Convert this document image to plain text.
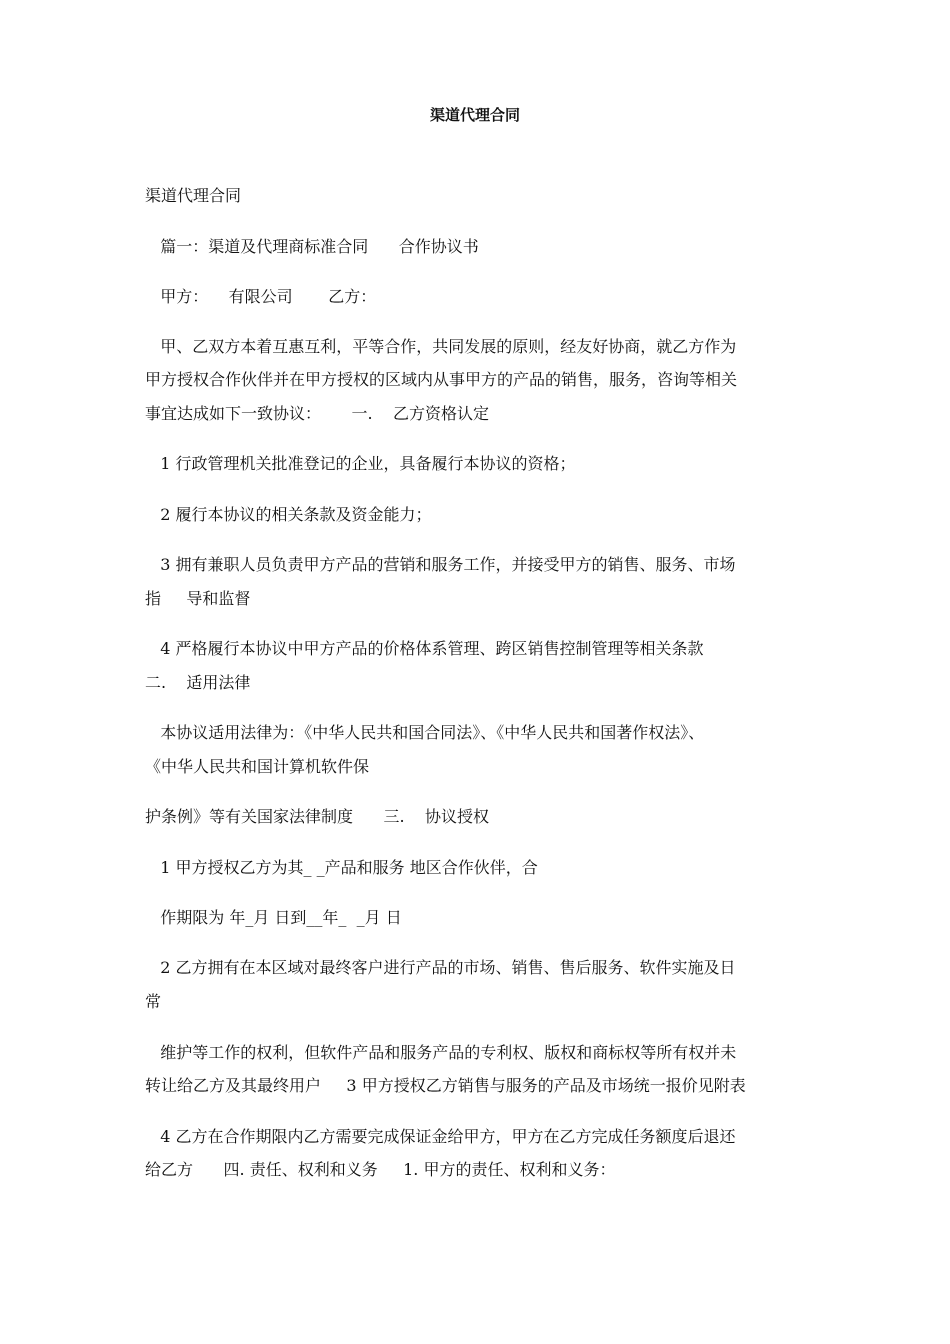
渠道代理合同
渠道代理合同
篇一：渠道及代理商标准合同      合作协议书
甲方：    有限公司       乙方：
甲、乙双方本着互惠互利，平等合作，共同发展的原则，经友好协商，就乙方作为
甲方授权合作伙伴并在甲方授权的区域内从事甲方的产品的销售，服务，咨询等相关
事宜达成如下一致协议：      一.    乙方资格认定
1 行政管理机关批准登记的企业，具备履行本协议的资格；
2 履行本协议的相关条款及资金能力；
3 拥有兼职人员负责甲方产品的营销和服务工作，并接受甲方的销售、服务、市场
指     导和监督
4 严格履行本协议中甲方产品的价格体系管理、跨区销售控制管理等相关条款
二.    适用法律
本协议适用法律为：《中华人民共和国合同法》、《中华人民共和国著作权法》、
《中华人民共和国计算机软件保
护条例》等有关国家法律制度      三.    协议授权
1 甲方授权乙方为其_ _产品和服务 地区合作伙伴，合
作期限为 年_月 日到__年_  _月 日
2 乙方拥有在本区域对最终客户进行产品的市场、销售、售后服务、软件实施及日
常
维护等工作的权利，但软件产品和服务产品的专利权、版权和商标权等所有权并未
转让给乙方及其最终用户     3 甲方授权乙方销售与服务的产品及市场统一报价见附表
4 乙方在合作期限内乙方需要完成保证金给甲方，甲方在乙方完成任务额度后退还
给乙方      四. 责任、权利和义务     1. 甲方的责任、权利和义务：
